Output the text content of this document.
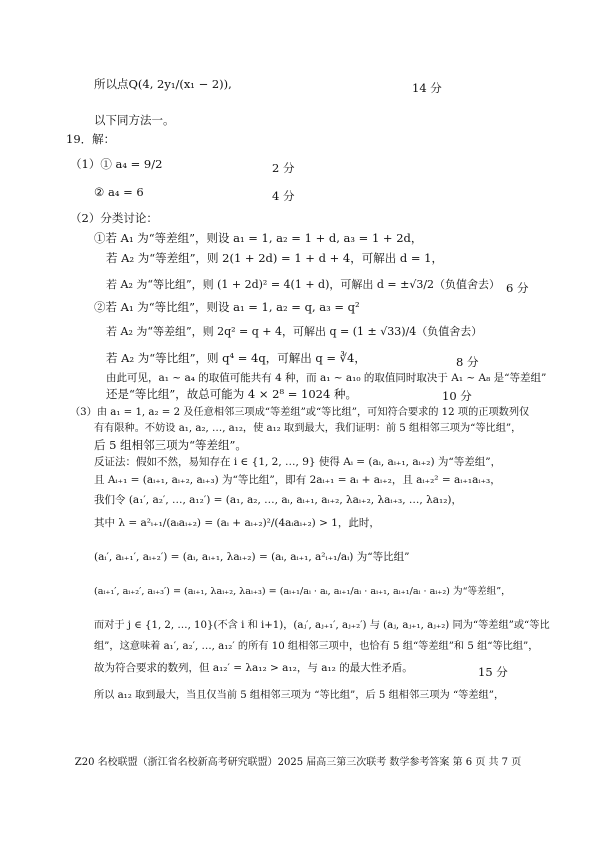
所以点Q(4, 2y₁/(x₁ − 2)),
以下同方法一。
19．解：
（1）① a₄ = 9/2
② a₄ = 6
（2）分类讨论：
①若 A₁ 为“等差组”，则设 a₁ = 1, a₂ = 1 + d, a₃ = 1 + 2d，
若 A₂ 为“等差组”，则 2(1 + 2d) = 1 + d + 4，可解出 d = 1，
若 A₂ 为“等比组”，则 (1 + 2d)² = 4(1 + d)，可解出 d = ±√3/2（负值舍去）
②若 A₁ 为“等比组”，则设 a₁ = 1, a₂ = q, a₃ = q²
若 A₂ 为“等差组”，则 2q² = q + 4，可解出 q = (1 ± √33)/4（负值舍去）
若 A₂ 为“等比组”，则 q⁴ = 4q，可解出 q = ∛4，
由此可见，a₁ ~ a₄ 的取值可能共有 4 种，而 a₁ ~ a₁₀ 的取值同时取决于 A₁ ~ A₈ 是“等差组”
还是“等比组”，故总可能为 4 × 2⁸ = 1024 种。
（3）由 a₁ = 1, a₂ = 2 及任意相邻三项成“等差组”或“等比组”，可知符合要求的 12 项的正项数列仅
有有限种。不妨设 a₁, a₂, …, a₁₂，使 a₁₂ 取到最大，我们证明：前 5 组相邻三项为“等比组”，
后 5 组相邻三项为“等差组”。
反证法：假如不然，易知存在 i ∈ {1, 2, …, 9} 使得 Aᵢ = (aᵢ, aᵢ₊₁, aᵢ₊₂) 为“等差组”，
且 Aᵢ₊₁ = (aᵢ₊₁, aᵢ₊₂, aᵢ₊₃) 为“等比组”，即有 2aᵢ₊₁ = aᵢ + aᵢ₊₂，且 aᵢ₊₂² = aᵢ₊₁aᵢ₊₃，
我们令 (a₁′, a₂′, …, a₁₂′) = (a₁, a₂, …, aᵢ, aᵢ₊₁, aᵢ₊₂, λaᵢ₊₂, λaᵢ₊₃, …, λa₁₂)，
其中 λ = a²ᵢ₊₁/(aᵢaᵢ₊₂) = (aᵢ + aᵢ₊₂)²/(4aᵢaᵢ₊₂) > 1，此时，
(aᵢ′, aᵢ₊₁′, aᵢ₊₂′) = (aᵢ, aᵢ₊₁, λaᵢ₊₂) = (aᵢ, aᵢ₊₁, a²ᵢ₊₁/aᵢ) 为“等比组”
(aᵢ₊₁′, aᵢ₊₂′, aᵢ₊₃′) = (aᵢ₊₁, λaᵢ₊₂, λaᵢ₊₃) = (aᵢ₊₁/aᵢ · aᵢ, aᵢ₊₁/aᵢ · aᵢ₊₁, aᵢ₊₁/aᵢ · aᵢ₊₂) 为“等差组”，
而对于 j ∈ {1, 2, …, 10}(不含 i 和 i+1)，(aⱼ′, aⱼ₊₁′, aⱼ₊₂′) 与 (aⱼ, aⱼ₊₁, aⱼ₊₂) 同为“等差组”或“等比
组”，这意味着 a₁′, a₂′, …, a₁₂′ 的所有 10 组相邻三项中，也恰有 5 组“等差组”和 5 组“等比组”，
故为符合要求的数列，但 a₁₂′ = λa₁₂ > a₁₂，与 a₁₂ 的最大性矛盾。
所以 a₁₂ 取到最大，当且仅当前 5 组相邻三项为 “等比组”，后 5 组相邻三项为 “等差组”，
14 分
2 分
4 分
6 分
8 分
10 分
15 分
Z20 名校联盟（浙江省名校新高考研究联盟）2025 届高三第三次联考 数学参考答案 第 6 页 共 7 页
